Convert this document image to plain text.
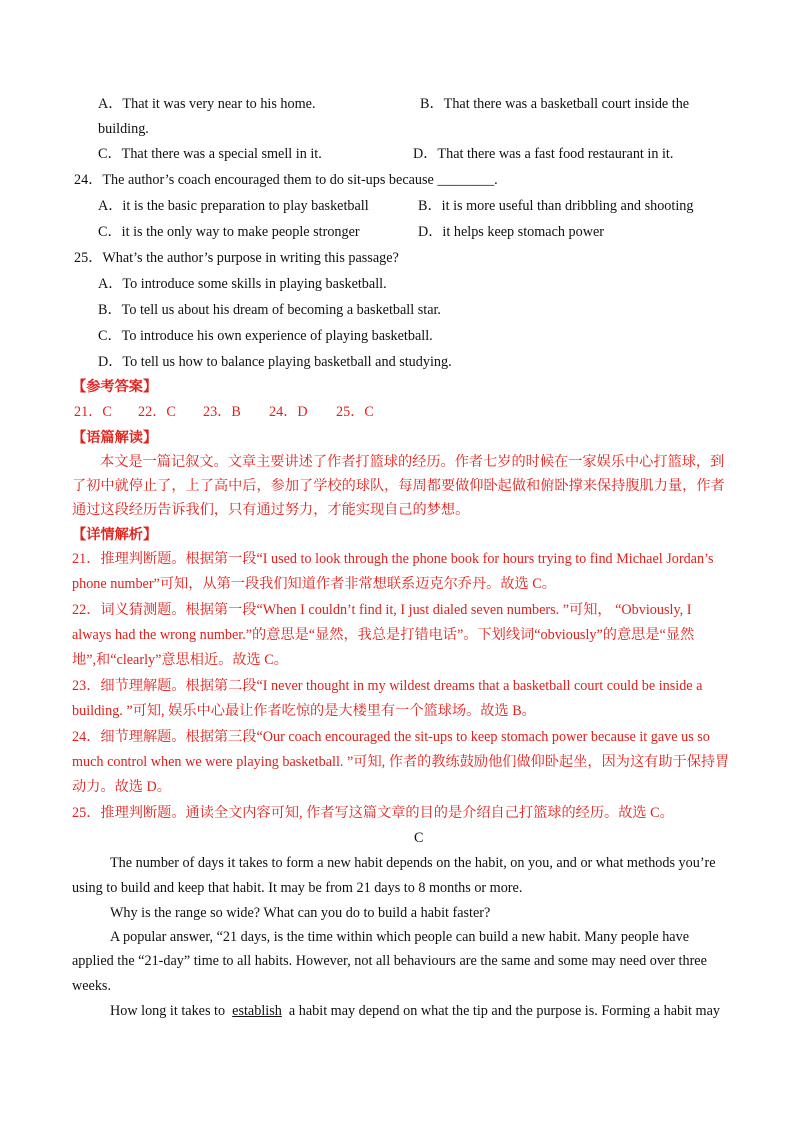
A．That it was very near to his home.	B．That there was a basketball court inside the
building.
C．That there was a special smell in it.	D．That there was a fast food restaurant in it.
24．The author’s coach encouraged them to do sit-ups because ________.
A．it is the basic preparation to play basketball	B．it is more useful than dribbling and shooting
C．it is the only way to make people stronger	D．it helps keep stomach power
25．What’s the author’s purpose in writing this passage?
A．To introduce some skills in playing basketball.
B．To tell us about his dream of becoming a basketball star.
C．To introduce his own experience of playing basketball.
D．To tell us how to balance playing basketball and studying.
【参考答案】
21．C 22．C 23．B 24．D 25．C
【语篇解读】
本文是一篇记叙文。文章主要讲述了作者打篮球的经历。作者七岁的时候在一家娱乐中心打篮球，到
了初中就停止了，上了高中后，参加了学校的球队，每周都要做仰卧起做和俯卧撑来保持腹肌力量，作者
通过这段经历告诉我们，只有通过努力，才能实现自己的梦想。
【详情解析】
21．推理判断题。根据第一段“I used to look through the phone book for hours trying to find Michael Jordan’s
phone number”可知，从第一段我们知道作者非常想联系迈克尔乔丹。故选 C。
22．词义猜测题。根据第一段“When I couldn’t find it, I just dialed seven numbers. ”可知， “Obviously, I
always had the wrong number.”的意思是“显然，我总是打错电话”。下划线词“obviously”的意思是“显然
地”,和“clearly”意思相近。故选 C。
23．细节理解题。根据第二段“I never thought in my wildest dreams that a basketball court could be inside a
building. ”可知, 娱乐中心最让作者吃惊的是大楼里有一个篮球场。故选 B。
24．细节理解题。根据第三段“Our coach encouraged the sit-ups to keep stomach power because it gave us so
much control when we were playing basketball. ”可知, 作者的教练鼓励他们做仰卧起坐，因为这有助于保持胃
动力。故选 D。
25．推理判断题。通读全文内容可知, 作者写这篇文章的目的是介绍自己打篮球的经历。故选 C。
C
The number of days it takes to form a new habit depends on the habit, on you, and or what methods you’re
using to build and keep that habit. It may be from 21 days to 8 months or more.
Why is the range so wide? What can you do to build a habit faster?
A popular answer, “21 days, is the time within which people can build a new habit. Many people have
applied the “21-day” time to all habits. However, not all behaviours are the same and some may need over three
weeks.
How long it takes to establish a habit may depend on what the tip and the purpose is. Forming a habit may
